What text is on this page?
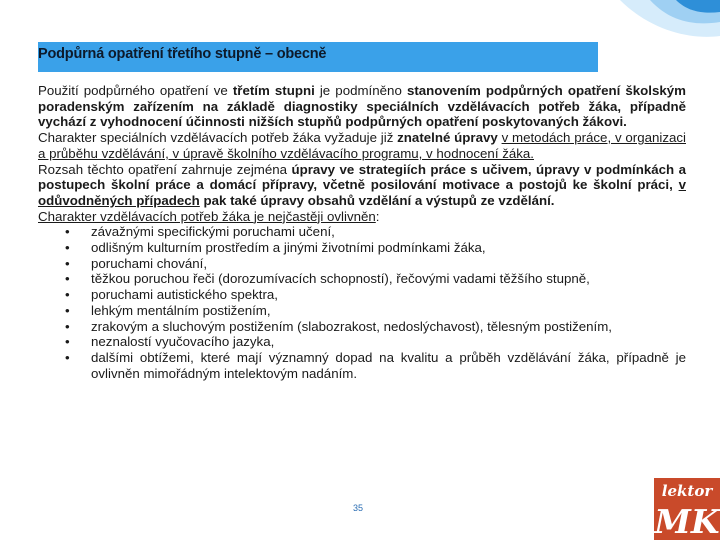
Podpůrná opatření třetího stupně – obecně

Použití podpůrného opatření ve třetím stupni je podmíněno stanovením podpůrných opatření školským poradenským zařízením na základě diagnostiky speciálních vzdělávacích potřeb žáka, případně vychází z vyhodnocení účinnosti nižších stupňů podpůrných opatření poskytovaných žákovi.

Charakter speciálních vzdělávacích potřeb žáka vyžaduje již znatelné úpravy v metodách práce, v organizaci a průběhu vzdělávání, v úpravě školního vzdělávacího programu, v hodnocení žáka.

Rozsah těchto opatření zahrnuje zejména úpravy ve strategiích práce s učivem, úpravy v podmínkách a postupech školní práce a domácí přípravy, včetně posilování motivace a postojů ke školní práci, v odůvodněných případech pak také úpravy obsahů vzdělání a výstupů ze vzdělání.

Charakter vzdělávacích potřeb žáka je nejčastěji ovlivněn:

• závažnými specifickými poruchami učení,
• odlišným kulturním prostředím a jinými životními podmínkami žáka,
• poruchami chování,
• těžkou poruchou řeči (dorozumívacích schopností), řečovými vadami těžšího stupně,
• poruchami autistického spektra,
• lehkým mentálním postižením,
• zrakovým a sluchovým postižením (slabozrakost, nedoslýchavost), tělesným postižením,
• neznalostí vyučovacího jazyka,
• dalšími obtížemi, které mají významný dopad na kvalitu a průběh vzdělávání žáka, případně je ovlivněn mimořádným intelektovým nadáním.
35
lektor
MK
